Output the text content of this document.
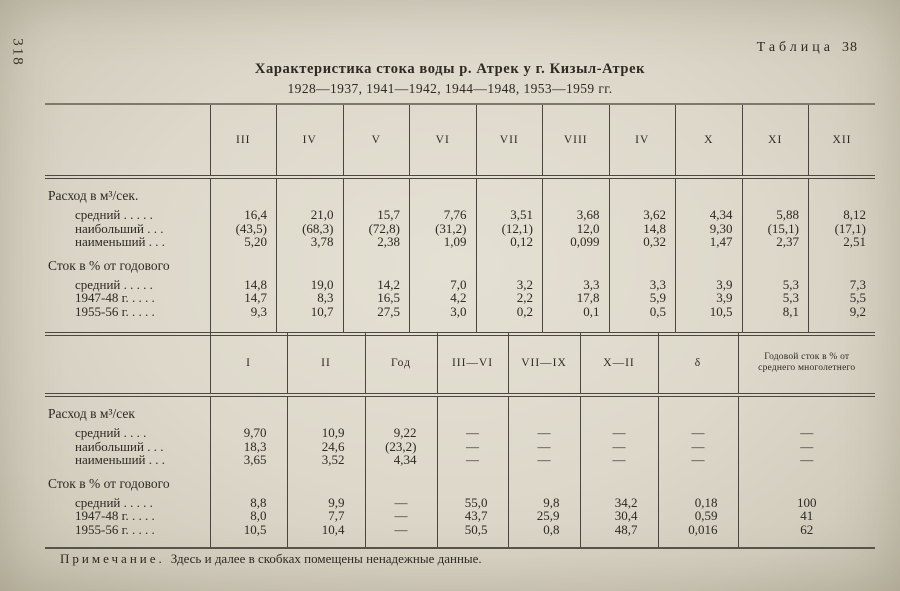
318	Таблица 38
Характеристика стока воды р. Атрек у г. Кизыл-Атрек
1928—1937, 1941—1942, 1944—1948, 1953—1959 гг.
	III	IV	V	VI	VII	VIII	IV	X	XI	XII
Расход в м³/сек.										
средний . . . . .	16,4	21,0	15,7	7,76	3,51	3,68	3,62	4,34	5,88	8,12
наибольший . . .	(43,5)	(68,3)	(72,8)	(31,2)	(12,1)	12,0	14,8	9,30	(15,1)	(17,1)
наименьший . . .	5,20	3,78	2,38	1,09	0,12	0,099	0,32	1,47	2,37	2,51
Сток в % от годового										
средний . . . . .	14,8	19,0	14,2	7,0	3,2	3,3	3,3	3,9	5,3	7,3
1947-48 г. . . . .	14,7	8,3	16,5	4,2	2,2	17,8	5,9	3,9	5,3	5,5
1955-56 г. . . . .	9,3	10,7	27,5	3,0	0,2	0,1	0,5	10,5	8,1	9,2

	I	II	Год	III—VI	VII—IX	X—II	δ	Годовой сток в % от среднего многолетнего
Расход в м³/сек								
средний . . . .	9,70	10,9	9,22	—	—	—	—	—
наибольший . . .	18,3	24,6	(23,2)	—	—	—	—	—
наименьший . . .	3,65	3,52	4,34	—	—	—	—	—
Сток в % от годового								
средний . . . . .	8,8	9,9	—	55,0	9,8	34,2	0,18	100
1947-48 г. . . . .	8,0	7,7	—	43,7	25,9	30,4	0,59	41
1955-56 г. . . . .	10,5	10,4	—	50,5	0,8	48,7	0,016	62

Примечание. Здесь и далее в скобках помещены ненадежные данные.
